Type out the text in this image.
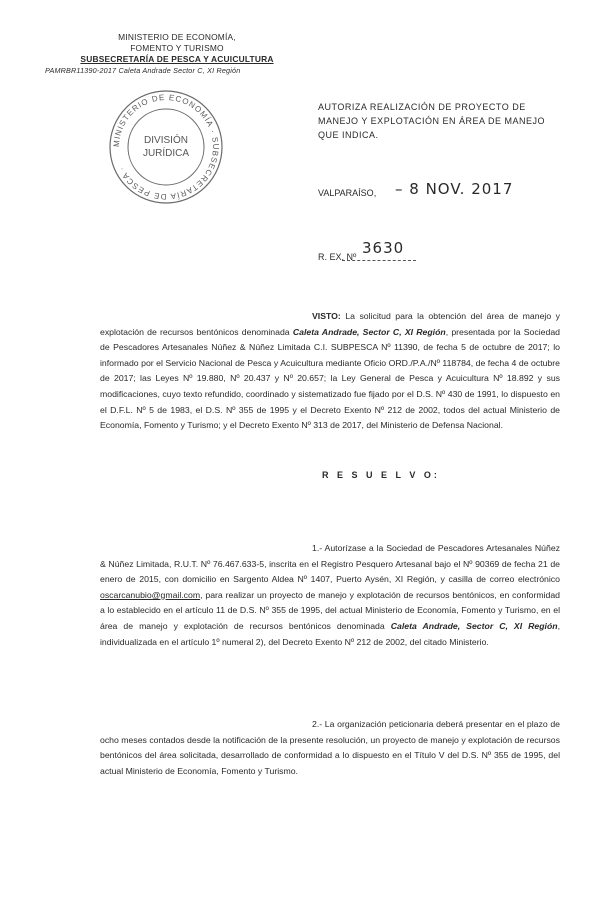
MINISTERIO DE ECONOMÍA,
FOMENTO Y TURISMO
SUBSECRETARÍA DE PESCA Y ACUICULTURA
PAMRBR11390-2017 Caleta Andrade Sector C, XI Región
MINISTERIO DE ECONOMÍA · SUBSECRETARÍA DE PESCA ·
DIVISIÓN
JURÍDICA
AUTORIZA REALIZACIÓN DE PROYECTO DE MANEJO Y EXPLOTACIÓN EN ÁREA DE MANEJO QUE INDICA.
VALPARAÍSO, – 8 NOV. 2017
R. EX. Nº 3630
VISTO: La solicitud para la obtención del área de manejo y explotación de recursos bentónicos denominada Caleta Andrade, Sector C, XI Región, presentada por la Sociedad de Pescadores Artesanales Núñez & Núñez Limitada C.I. SUBPESCA Nº 11390, de fecha 5 de octubre de 2017; lo informado por el Servicio Nacional de Pesca y Acuicultura mediante Oficio ORD./P.A./Nº 118784, de fecha 4 de octubre de 2017; las Leyes Nº 19.880, Nº 20.437 y Nº 20.657; la Ley General de Pesca y Acuicultura Nº 18.892 y sus modificaciones, cuyo texto refundido, coordinado y sistematizado fue fijado por el D.S. Nº 430 de 1991, lo dispuesto en el D.F.L. Nº 5 de 1983, el D.S. Nº 355 de 1995 y el Decreto Exento Nº 212 de 2002, todos del actual Ministerio de Economía, Fomento y Turismo; y el Decreto Exento Nº 313 de 2017, del Ministerio de Defensa Nacional.
R E S U E L V O:
1.- Autorízase a la Sociedad de Pescadores Artesanales Núñez & Núñez Limitada, R.U.T. Nº 76.467.633-5, inscrita en el Registro Pesquero Artesanal bajo el Nº 90369 de fecha 21 de enero de 2015, con domicilio en Sargento Aldea Nº 1407, Puerto Aysén, XI Región, y casilla de correo electrónico oscarcanubio@gmail.com, para realizar un proyecto de manejo y explotación de recursos bentónicos, en conformidad a lo establecido en el artículo 11 de D.S. Nº 355 de 1995, del actual Ministerio de Economía, Fomento y Turismo, en el área de manejo y explotación de recursos bentónicos denominada Caleta Andrade, Sector C, XI Región, individualizada en el artículo 1º numeral 2), del Decreto Exento Nº 212 de 2002, del citado Ministerio.
2.- La organización peticionaria deberá presentar en el plazo de ocho meses contados desde la notificación de la presente resolución, un proyecto de manejo y explotación de recursos bentónicos del área solicitada, desarrollado de conformidad a lo dispuesto en el Título V del D.S. Nº 355 de 1995, del actual Ministerio de Economía, Fomento y Turismo.
